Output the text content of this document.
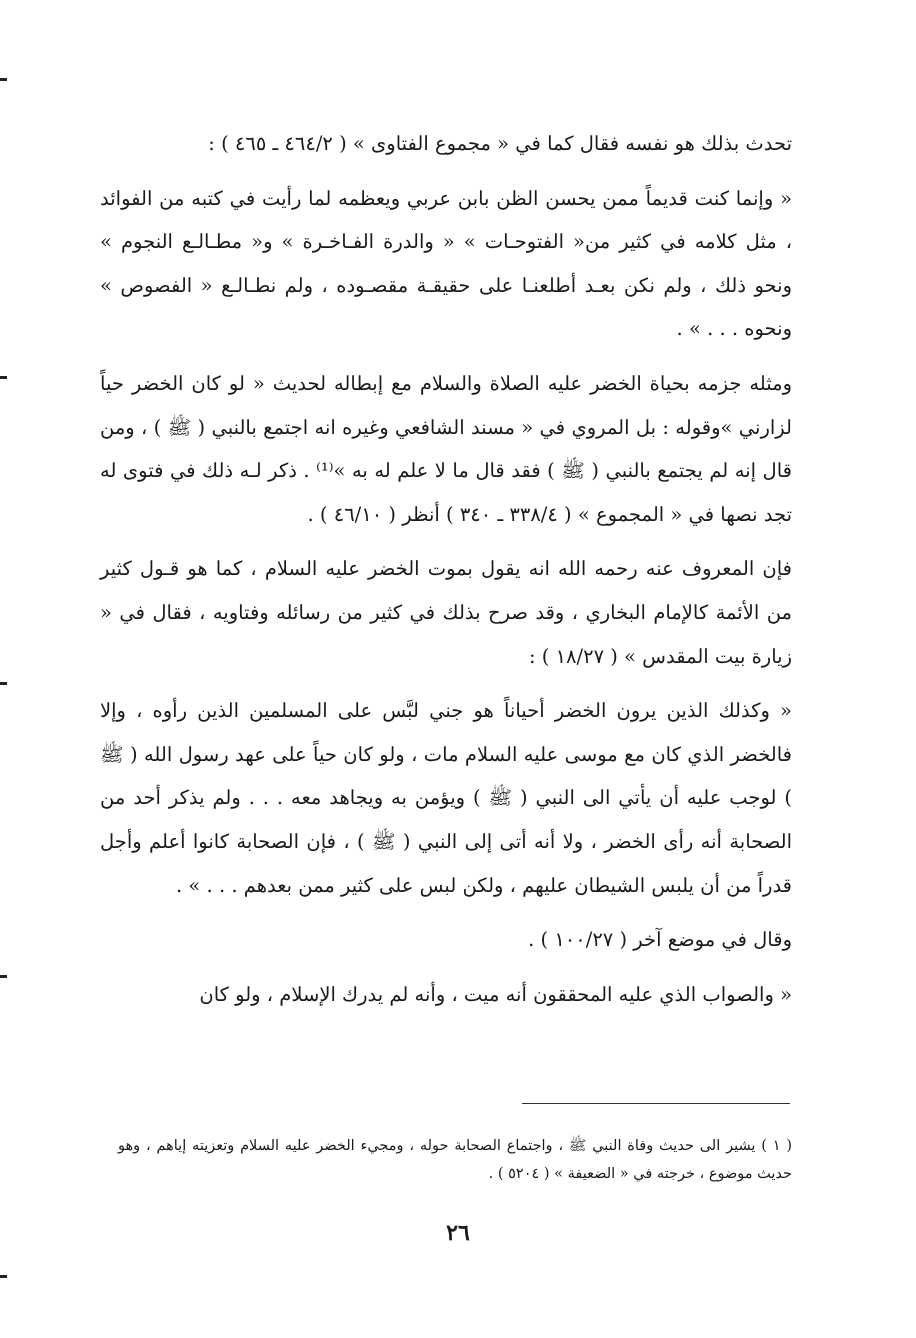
تحدث بذلك هو نفسه فقال كما في « مجموع الفتاوى » ( ٤٦٤/٢ ـ ٤٦٥ ) :

« وإنما كنت قديماً ممن يحسن الظن بابن عربي ويعظمه لما رأيت في كتبه من الفوائد ، مثل كلامه في كثير من« الفتوحـات » « والدرة الفـاخـرة » و« مطـالـع النجوم » ونحو ذلك ، ولم نكن بعـد أطلعنـا على حقيقـة مقصـوده ، ولم نطـالـع « الفصوص » ونحوه . . . » .

ومثله جزمه بحياة الخضر عليه الصلاة والسلام مع إبطاله لحديث « لو كان الخضر حياً لزارني »وقوله : بل المروي في « مسند الشافعي وغيره انه اجتمع بالنبي ( ﷺ ) ، ومن قال إنه لم يجتمع بالنبي ( ﷺ ) فقد قال ما لا علم له به »⁽¹⁾ . ذكر لـه ذلك في فتوى له تجد نصها في « المجموع » ( ٣٣٨/٤ ـ ٣٤٠ ) أنظر ( ٤٦/١٠ ) .

فإن المعروف عنه رحمه الله انه يقول بموت الخضر عليه السلام ، كما هو قـول كثير من الأئمة كالإمام البخاري ، وقد صرح بذلك في كثير من رسائله وفتاويه ، فقال في « زيارة بيت المقدس » ( ١٨/٢٧ ) :

« وكذلك الذين يرون الخضر أحياناً هو جني لبَّس على المسلمين الذين رأوه ، وإلا فالخضر الذي كان مع موسى عليه السلام مات ، ولو كان حياً على عهد رسول الله ( ﷺ ) لوجب عليه أن يأتي الى النبي ( ﷺ ) ويؤمن به ويجاهد معه . . . ولم يذكر أحد من الصحابة أنه رأى الخضر ، ولا أنه أتى إلى النبي ( ﷺ ) ، فإن الصحابة كانوا أعلم وأجل قدراً من أن يلبس الشيطان عليهم ، ولكن لبس على كثير ممن بعدهم . . . » .

وقال في موضع آخر ( ١٠٠/٢٧ ) .

« والصواب الذي عليه المحققون أنه ميت ، وأنه لم يدرك الإسلام ، ولو كان

( ١ ) يشير الى حديث وفاة النبي ﷺ ، واجتماع الصحابة حوله ، ومجيء الخضر عليه السلام وتعزيته إياهم ، وهو حديث موضوع ، خرجته في « الضعيفة » ( ٥٢٠٤ ) .

٢٦
